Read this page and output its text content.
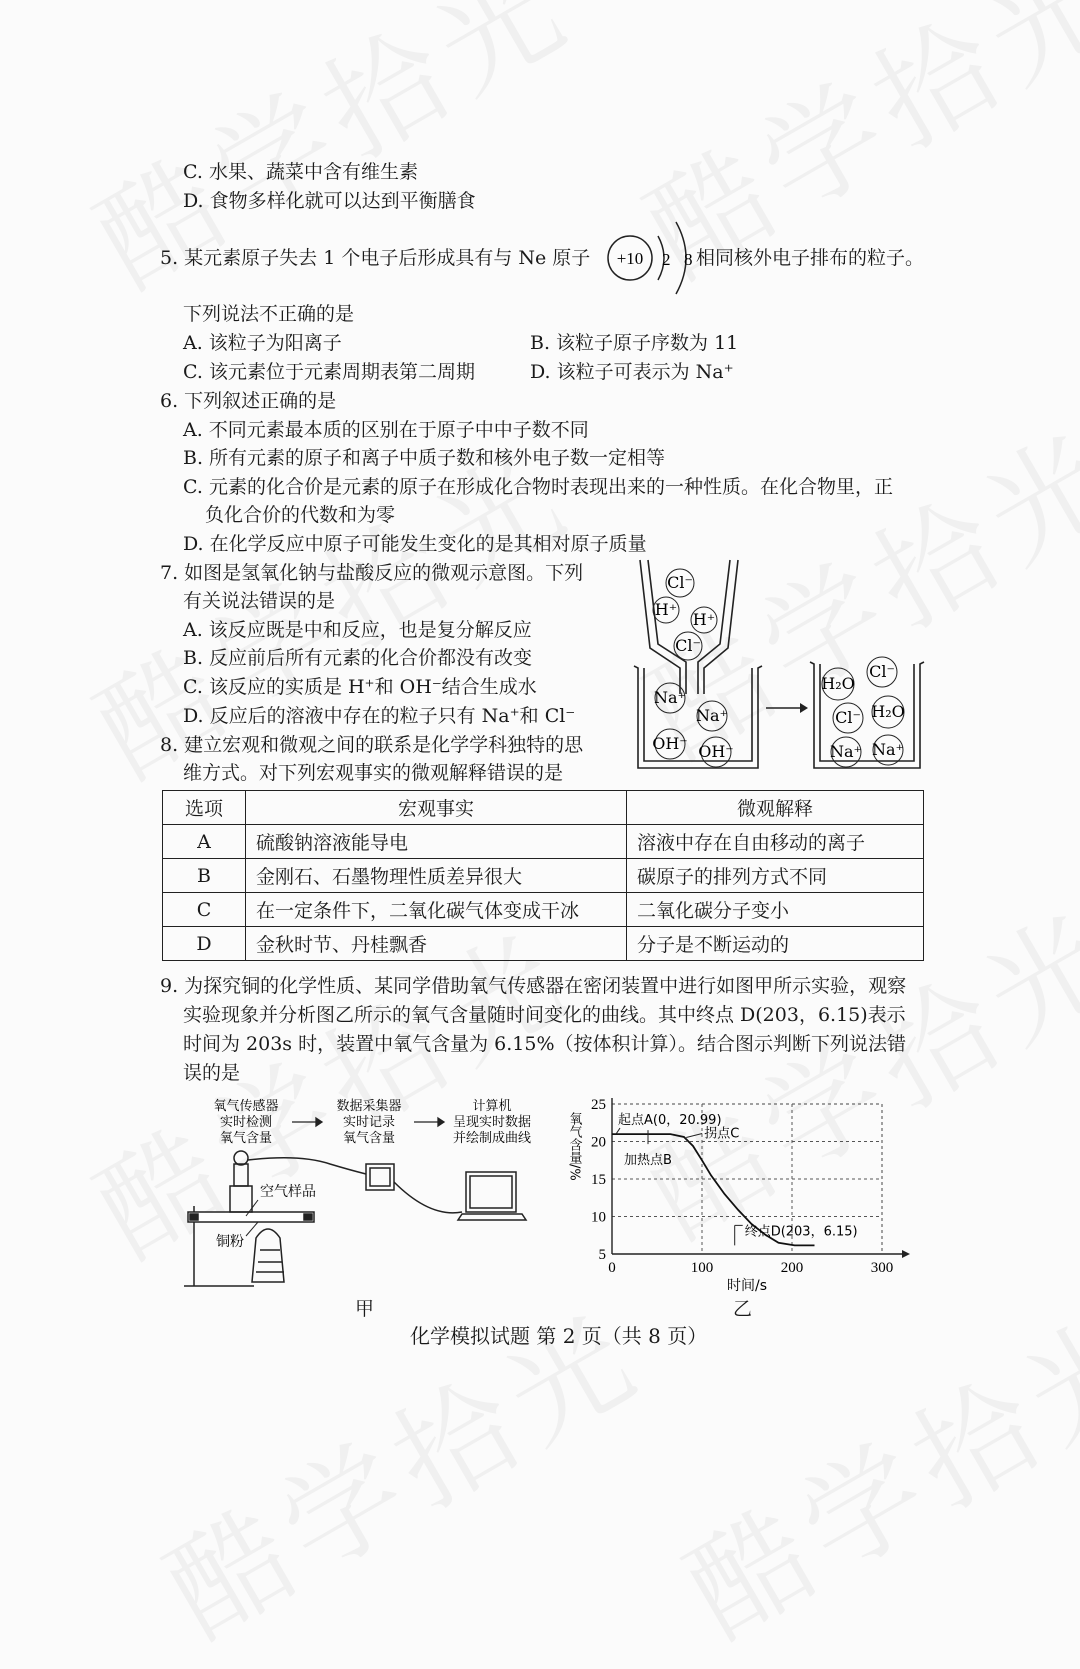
C. 水果、蔬菜中含有维生素
D. 食物多样化就可以达到平衡膳食
5. 某元素原子失去 1 个电子后形成具有与 Ne 原子 +10 2 8 相同核外电子排布的粒子。
下列说法不正确的是
A. 该粒子为阳离子	B. 该粒子原子序数为 11
C. 该元素位于元素周期表第二周期	D. 该粒子可表示为 Na⁺
6. 下列叙述正确的是
A. 不同元素最本质的区别在于原子中中子数不同
B. 所有元素的原子和离子中质子数和核外电子数一定相等
C. 元素的化合价是元素的原子在形成化合物时表现出来的一种性质。在化合物里，正
负化合价的代数和为零
D. 在化学反应中原子可能发生变化的是其相对原子质量
7. 如图是氢氧化钠与盐酸反应的微观示意图。下列
有关说法错误的是
A. 该反应既是中和反应，也是复分解反应
B. 反应前后所有元素的化合价都没有改变
C. 该反应的实质是 H⁺和 OH⁻结合生成水
D. 反应后的溶液中存在的粒子只有 Na⁺和 Cl⁻
Cl⁻
H⁺
H⁺
Cl⁻
Na⁺
Na⁺
OH⁻ OH⁻
H₂O
Cl⁻
Cl⁻ H₂O
Na⁺ Na⁺
8. 建立宏观和微观之间的联系是化学学科独特的思
维方式。对下列宏观事实的微观解释错误的是
选项	宏观事实	微观解释
A	硫酸钠溶液能导电	溶液中存在自由移动的离子
B	金刚石、石墨物理性质差异很大	碳原子的排列方式不同
C	在一定条件下，二氧化碳气体变成干冰	二氧化碳分子变小
D	金秋时节、丹桂飘香	分子是不断运动的
9. 为探究铜的化学性质、某同学借助氧气传感器在密闭装置中进行如图甲所示实验，观察
实验现象并分析图乙所示的氧气含量随时间变化的曲线。其中终点 D(203，6.15)表示
时间为 203s 时，装置中氧气含量为 6.15%（按体积计算）。结合图示判断下列说法错
误的是
氧气传感器
实时检测
氧气含量
数据采集器
实时记录
氧气含量
计算机
呈现实时数据
并绘制成曲线
空气样品
铜粉
甲
5
10
15
20
25
0	100	200	300
时间/s
氧气含量/%	起点A(0，20.99)
拐点C
加热点B
终点D(203，6.15)
乙
化学模拟试题 第 2 页（共 8 页）
